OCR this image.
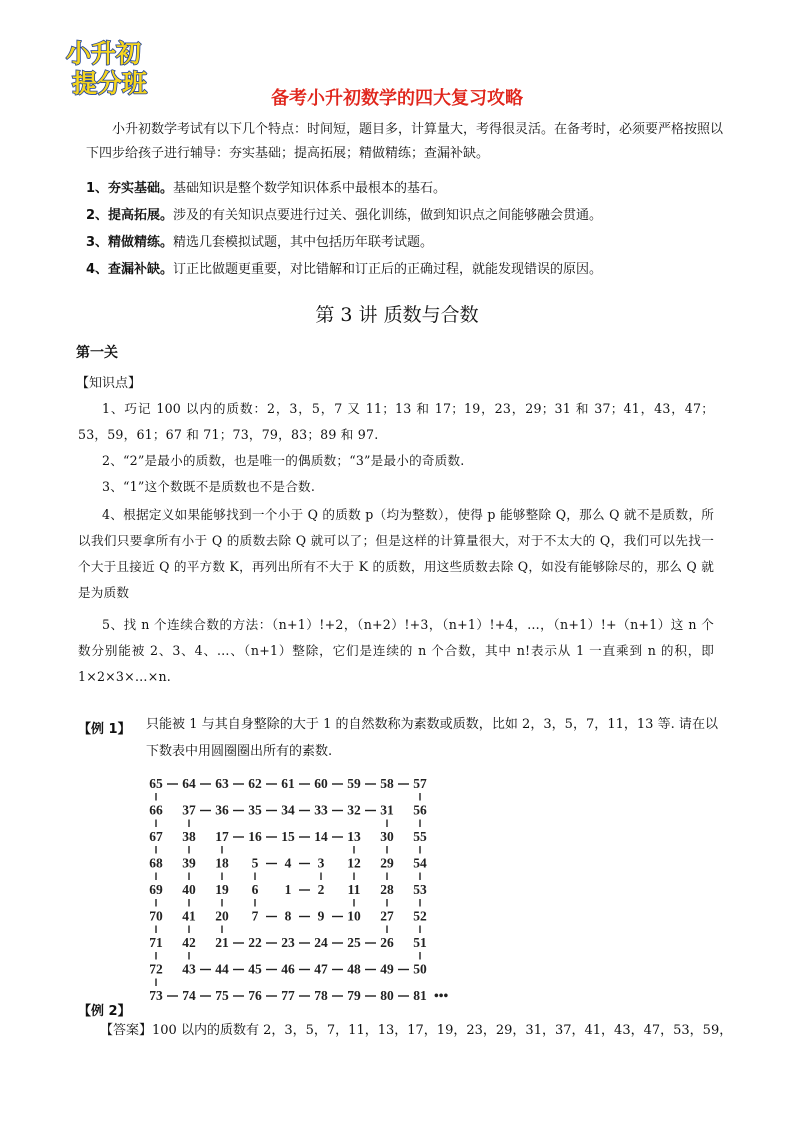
小升初
提分班
备考小升初数学的四大复习攻略

小升初数学考试有以下几个特点：时间短，题目多，计算量大，考得很灵活。在备考时，必须要严格按照以下四步给孩子进行辅导：夯实基础；提高拓展；精做精练；查漏补缺。

1、夯实基础。基础知识是整个数学知识体系中最根本的基石。

2、提高拓展。涉及的有关知识点要进行过关、强化训练，做到知识点之间能够融会贯通。

3、精做精练。精选几套模拟试题，其中包括历年联考试题。

4、查漏补缺。订正比做题更重要，对比错解和订正后的正确过程，就能发现错误的原因。

第 3 讲 质数与合数
第一关

【知识点】

1、巧记 100 以内的质数：2，3，5，7 又 11；13 和 17；19，23，29；31 和 37；41，43，47；53，59，61；67 和 71；73，79，83；89 和 97.

2、“2”是最小的质数，也是唯一的偶质数；“3”是最小的奇质数.

3、“1”这个数既不是质数也不是合数.

4、根据定义如果能够找到一个小于 Q 的质数 p（均为整数），使得 p 能够整除 Q，那么 Q 就不是质数，所以我们只要拿所有小于 Q 的质数去除 Q 就可以了；但是这样的计算量很大，对于不太大的 Q，我们可以先找一个大于且接近 Q 的平方数 K，再列出所有不大于 K 的质数，用这些质数去除 Q，如没有能够除尽的，那么 Q 就是为质数

5、找 n 个连续合数的方法：（n+1）!+2，（n+2）!+3，（n+1）!+4，…，（n+1）!+（n+1）这 n 个数分别能被 2、3、4、…、（n+1）整除，它们是连续的 n 个合数，其中 n!表示从 1 一直乘到 n 的积，即 1×2×3×…×n.

【例 1】 只能被 1 与其自身整除的大于 1 的自然数称为素数或质数，比如 2，3，5，7，11，13 等. 请在以下数表中用圆圈圈出所有的素数.

65 64 63 62 61 60 59 58 57
66 37 36 35 34 33 32 31 56
67 38 17 16 15 14 13 30 55
68 39 18 5 4 3 12 29 54
69 40 19 6 1 2 11 28 53
70 41 20 7 8 9 10 27 52
71 42 21 22 23 24 25 26 51
72 43 44 45 46 47 48 49 50
73 74 75 76 77 78 79 80 81 •••

【例 2】

【答案】100 以内的质数有 2，3，5，7，11，13，17，19，23，29，31，37，41，43，47，53，59，
